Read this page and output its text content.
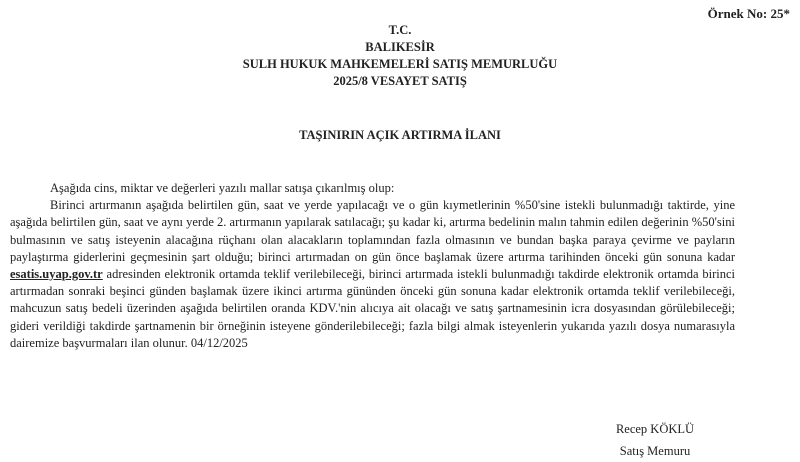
Örnek No: 25*
T.C.
BALIKESİR
SULH HUKUK MAHKEMELERİ SATIŞ MEMURLUĞU
2025/8 VESAYET SATIŞ
TAŞINIRIN AÇIK ARTIRMA İLANI

Aşağıda cins, miktar ve değerleri yazılı mallar satışa çıkarılmış olup:

Birinci artırmanın aşağıda belirtilen gün, saat ve yerde yapılacağı ve o gün kıymetlerinin %50'sine istekli bulunmadığı taktirde, yine aşağıda belirtilen gün, saat ve aynı yerde 2. artırmanın yapılarak satılacağı; şu kadar ki, artırma bedelinin malın tahmin edilen değerinin %50'sini bulmasının ve satış isteyenin alacağına rüçhanı olan alacakların toplamından fazla olmasının ve bundan başka paraya çevirme ve payların paylaştırma giderlerini geçmesinin şart olduğu; birinci artırmadan on gün önce başlamak üzere artırma tarihinden önceki gün sonuna kadar esatis.uyap.gov.tr adresinden elektronik ortamda teklif verilebileceği, birinci artırmada istekli bulunmadığı takdirde elektronik ortamda birinci artırmadan sonraki beşinci günden başlamak üzere ikinci artırma gününden önceki gün sonuna kadar elektronik ortamda teklif verilebileceği, mahcuzun satış bedeli üzerinden aşağıda belirtilen oranda KDV.'nin alıcıya ait olacağı ve satış şartnamesinin icra dosyasından görülebileceği; gideri verildiği takdirde şartnamenin bir örneğinin isteyene gönderilebileceği; fazla bilgi almak isteyenlerin yukarıda yazılı dosya numarasıyla dairemize başvurmaları ilan olunur. 04/12/2025

Recep KÖKLÜ
Satış Memuru
